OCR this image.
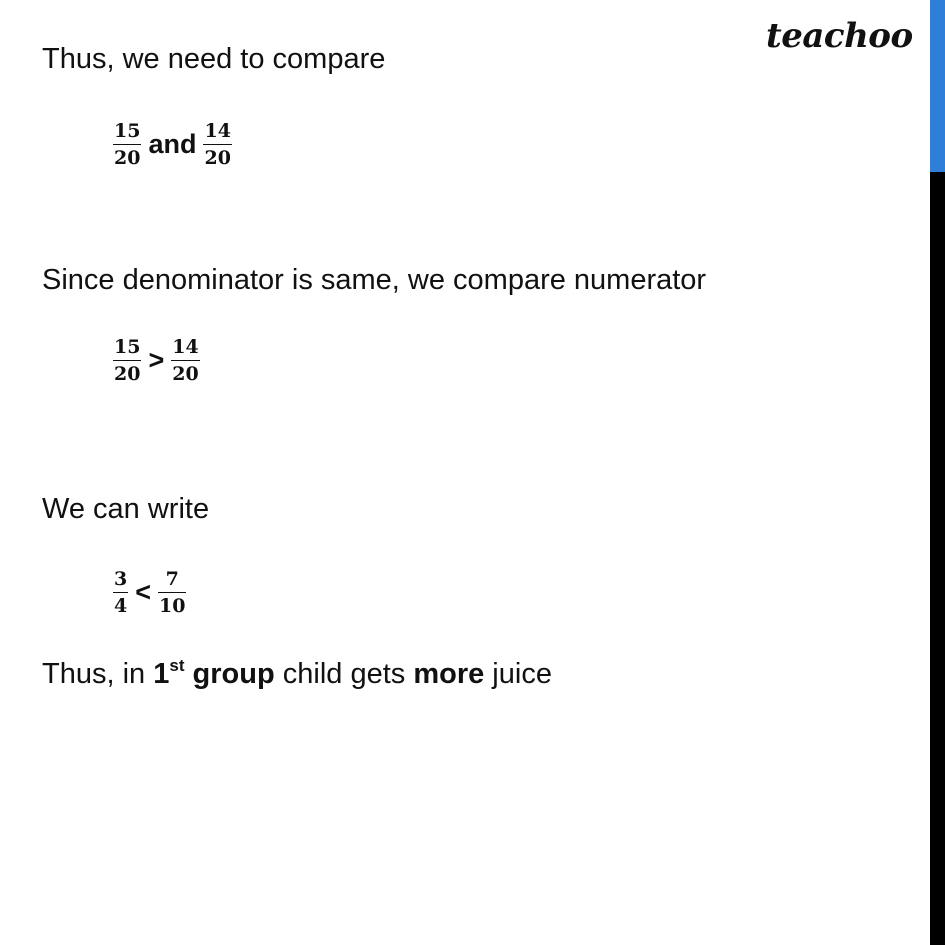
teachoo
Thus, we need to compare
$\frac{15}{20}$ and $\frac{14}{20}$
Since denominator is same, we compare numerator
$\frac{15}{20} > \frac{14}{20}$
We can write
$\frac{3}{4} < \frac{7}{10}$
Thus, in 1st group child gets more juice
